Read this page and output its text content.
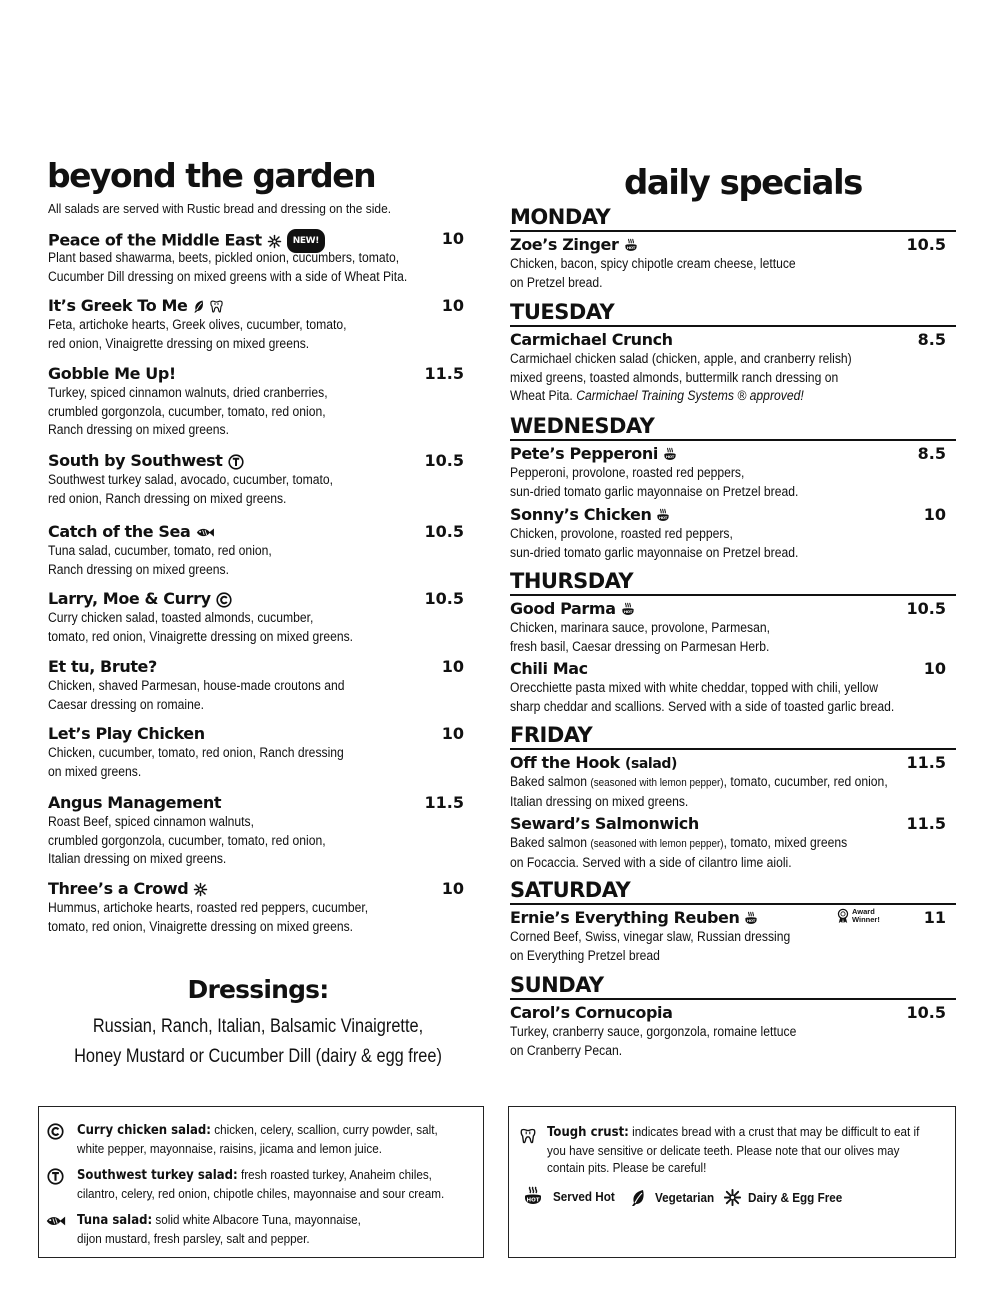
beyond the garden
All salads are served with Rustic bread and dressing on the side.
Peace of the Middle East	NEW!	10
Plant based shawarma, beets, pickled onion, cucumbers, tomato,
Cucumber Dill dressing on mixed greens with a side of Wheat Pita.
It’s Greek To Me	10
Feta, artichoke hearts, Greek olives, cucumber, tomato,
red onion, Vinaigrette dressing on mixed greens.
Gobble Me Up!	11.5
Turkey, spiced cinnamon walnuts, dried cranberries,
crumbled gorgonzola, cucumber, tomato, red onion,
Ranch dressing on mixed greens.
South by Southwest	10.5
Southwest turkey salad, avocado, cucumber, tomato,
red onion, Ranch dressing on mixed greens.
Catch of the Sea	10.5
Tuna salad, cucumber, tomato, red onion,
Ranch dressing on mixed greens.
Larry, Moe & Curry	10.5
Curry chicken salad, toasted almonds, cucumber,
tomato, red onion, Vinaigrette dressing on mixed greens.
Et tu, Brute?	10
Chicken, shaved Parmesan, house-made croutons and
Caesar dressing on romaine.
Let’s Play Chicken	10
Chicken, cucumber, tomato, red onion, Ranch dressing
on mixed greens.
Angus Management	11.5
Roast Beef, spiced cinnamon walnuts,
crumbled gorgonzola, cucumber, tomato, red onion,
Italian dressing on mixed greens.
Three’s a Crowd	10
Hummus, artichoke hearts, roasted red peppers, cucumber,
tomato, red onion, Vinaigrette dressing on mixed greens.
Dressings:
Russian, Ranch, Italian, Balsamic Vinaigrette,
Honey Mustard or Cucumber Dill (dairy & egg free)
daily specials
MONDAY
Zoe’s Zinger	10.5
Chicken, bacon, spicy chipotle cream cheese, lettuce
on Pretzel bread.
TUESDAY
Carmichael Crunch	8.5
Carmichael chicken salad (chicken, apple, and cranberry relish)
mixed greens, toasted almonds, buttermilk ranch dressing on
Wheat Pita. Carmichael Training Systems ® approved!
WEDNESDAY
Pete’s Pepperoni	8.5
Pepperoni, provolone, roasted red peppers,
sun-dried tomato garlic mayonnaise on Pretzel bread.
Sonny’s Chicken	10
Chicken, provolone, roasted red peppers,
sun-dried tomato garlic mayonnaise on Pretzel bread.
THURSDAY
Good Parma	10.5
Chicken, marinara sauce, provolone, Parmesan,
fresh basil, Caesar dressing on Parmesan Herb.
Chili Mac	10
Orecchiette pasta mixed with white cheddar, topped with chili, yellow
sharp cheddar and scallions. Served with a side of toasted garlic bread.
FRIDAY
Off the Hook (salad)	11.5
Baked salmon (seasoned with lemon pepper), tomato, cucumber, red onion,
Italian dressing on mixed greens.
Seward’s Salmonwich	11.5
Baked salmon (seasoned with lemon pepper), tomato, mixed greens
on Focaccia. Served with a side of cilantro lime aioli.
SATURDAY
Ernie’s Everything Reuben	Award Winner!	11
Corned Beef, Swiss, vinegar slaw, Russian dressing
on Everything Pretzel bread
SUNDAY
Carol’s Cornucopia	10.5
Turkey, cranberry sauce, gorgonzola, romaine lettuce
on Cranberry Pecan.
Curry chicken salad: chicken, celery, scallion, curry powder, salt,
white pepper, mayonnaise, raisins, jicama and lemon juice.
Southwest turkey salad: fresh roasted turkey, Anaheim chiles,
cilantro, celery, red onion, chipotle chiles, mayonnaise and sour cream.
Tuna salad: solid white Albacore Tuna, mayonnaise,
dijon mustard, fresh parsley, salt and pepper.
Tough crust: indicates bread with a crust that may be difficult to eat if
you have sensitive or delicate teeth. Please note that our olives may
contain pits. Please be careful!
Served Hot	Vegetarian	Dairy & Egg Free
